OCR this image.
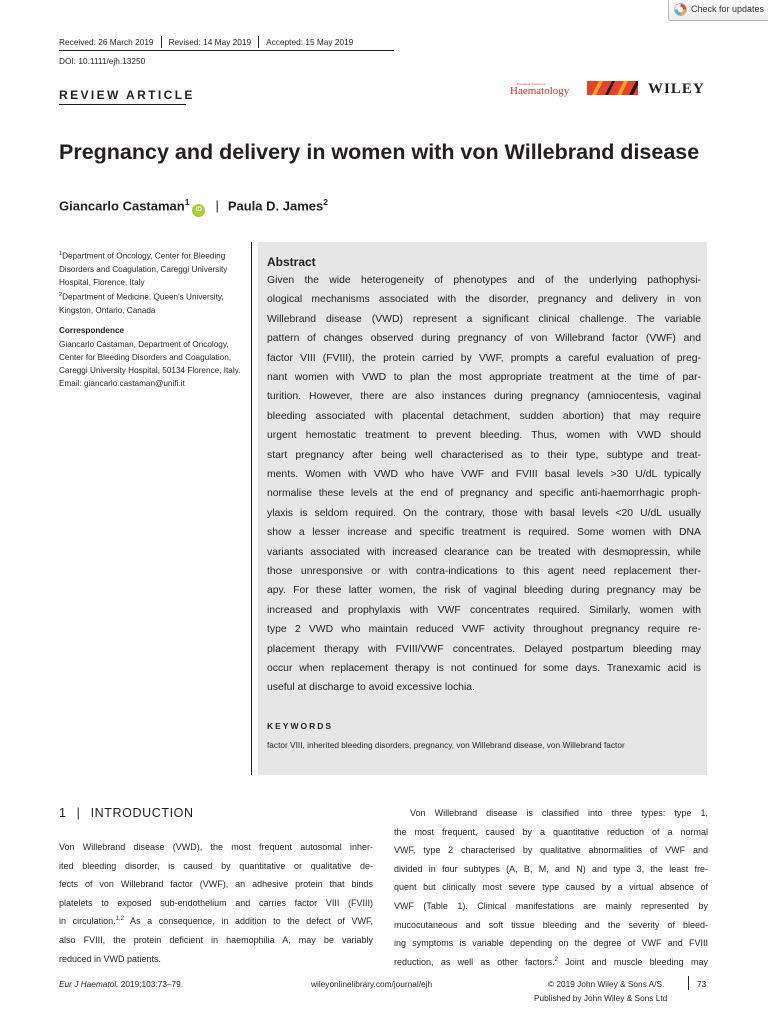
Check for updates
Received: 26 March 2019 Revised: 14 May 2019 Accepted: 15 May 2019
DOI: 10.1111/ejh.13250
REVIEW ARTICLE
European Journal of
Haematology	WILEY
Pregnancy and delivery in women with von Willebrand disease
Giancarlo Castaman$^1$iD | Paula D. James$^2$

$^1$Department of Oncology, Center for Bleeding Disorders and Coagulation, Careggi University Hospital, Florence, Italy

$^2$Department of Medicine, Queen's University, Kingston, Ontario, Canada

Correspondence

Giancarlo Castaman, Department of Oncology, Center for Bleeding Disorders and Coagulation, Careggi University Hospital, 50134 Florence, Italy.

Email: giancarlo.castaman@unifi.it

Abstract
Given the wide heterogeneity of phenotypes and of the underlying pathophysi-
ological mechanisms associated with the disorder, pregnancy and delivery in von
Willebrand disease (VWD) represent a significant clinical challenge. The variable
pattern of changes observed during pregnancy of von Willebrand factor (VWF) and
factor VIII (FVIII), the protein carried by VWF, prompts a careful evaluation of preg-
nant women with VWD to plan the most appropriate treatment at the time of par-
turition. However, there are also instances during pregnancy (amniocentesis, vaginal
bleeding associated with placental detachment, sudden abortion) that may require
urgent hemostatic treatment to prevent bleeding. Thus, women with VWD should
start pregnancy after being well characterised as to their type, subtype and treat-
ments. Women with VWD who have VWF and FVIII basal levels >30 U/dL typically
normalise these levels at the end of pregnancy and specific anti-haemorrhagic proph-
ylaxis is seldom required. On the contrary, those with basal levels <20 U/dL usually
show a lesser increase and specific treatment is required. Some women with DNA
variants associated with increased clearance can be treated with desmopressin, while
those unresponsive or with contra-indications to this agent need replacement ther-
apy. For these latter women, the risk of vaginal bleeding during pregnancy may be
increased and prophylaxis with VWF concentrates required. Similarly, women with
type 2 VWD who maintain reduced VWF activity throughout pregnancy require re-
placement therapy with FVIII/VWF concentrates. Delayed postpartum bleeding may
occur when replacement therapy is not continued for some days. Tranexamic acid is
useful at discharge to avoid excessive lochia.
KEYWORDS
factor VIII, inherited bleeding disorders, pregnancy, von Willebrand disease, von Willebrand factor
1 | INTRODUCTION
Von Willebrand disease (VWD), the most frequent autosomal inher-
ited bleeding disorder, is caused by quantitative or qualitative de-
fects of von Willebrand factor (VWF), an adhesive protein that binds
platelets to exposed sub-endothelium and carries factor VIII (FVIII)
in circulation.$^{1,2}$ As a consequence, in addition to the defect of VWF,
also FVIII, the protein deficient in haemophilia A, may be variably
reduced in VWD patients.
Von Willebrand disease is classified into three types: type 1,
the most frequent, caused by a quantitative reduction of a normal
VWF, type 2 characterised by qualitative abnormalities of VWF and
divided in four subtypes (A, B, M, and N) and type 3, the least fre-
quent but clinically most severe type caused by a virtual absence of
VWF (Table 1). Clinical manifestations are mainly represented by
mucocutaneous and soft tissue bleeding and the severity of bleed-
ing symptoms is variable depending on the degree of VWF and FVIII
reduction, as well as other factors.$^2$ Joint and muscle bleeding may
Eur J Haematol. 2019;103:73–79.	wileyonlinelibrary.com/journal/ejh	© 2019 John Wiley & Sons A/S.	73
Published by John Wiley & Sons Ltd
